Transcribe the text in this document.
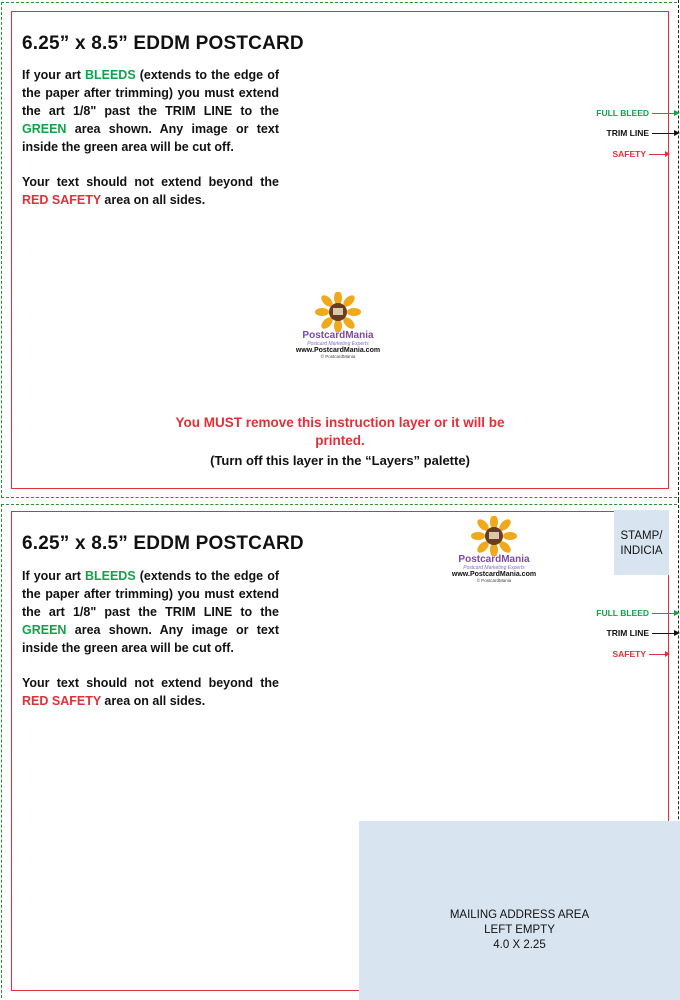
6.25” x 8.5” EDDM POSTCARD

If your art BLEEDS (extends to the edge of the paper after trimming) you must extend the art 1/8" past the TRIM LINE to the GREEN area shown. Any image or text inside the green area will be cut off.

Your text should not extend beyond the RED SAFETY area on all sides.

FULL BLEED
TRIM LINE
SAFETY
PostcardMania
Postcard Marketing Experts
www.PostcardMania.com
© PostcardMania
You MUST remove this instruction layer or it will be printed.
(Turn off this layer in the “Layers” palette)
6.25” x 8.5” EDDM POSTCARD

If your art BLEEDS (extends to the edge of the paper after trimming) you must extend the art 1/8" past the TRIM LINE to the GREEN area shown. Any image or text inside the green area will be cut off.

Your text should not extend beyond the RED SAFETY area on all sides.

FULL BLEED
TRIM LINE
SAFETY
PostcardMania
Postcard Marketing Experts
www.PostcardMania.com
© PostcardMania
STAMP/
INDICIA
MAILING ADDRESS AREA
LEFT EMPTY
4.0 X 2.25
